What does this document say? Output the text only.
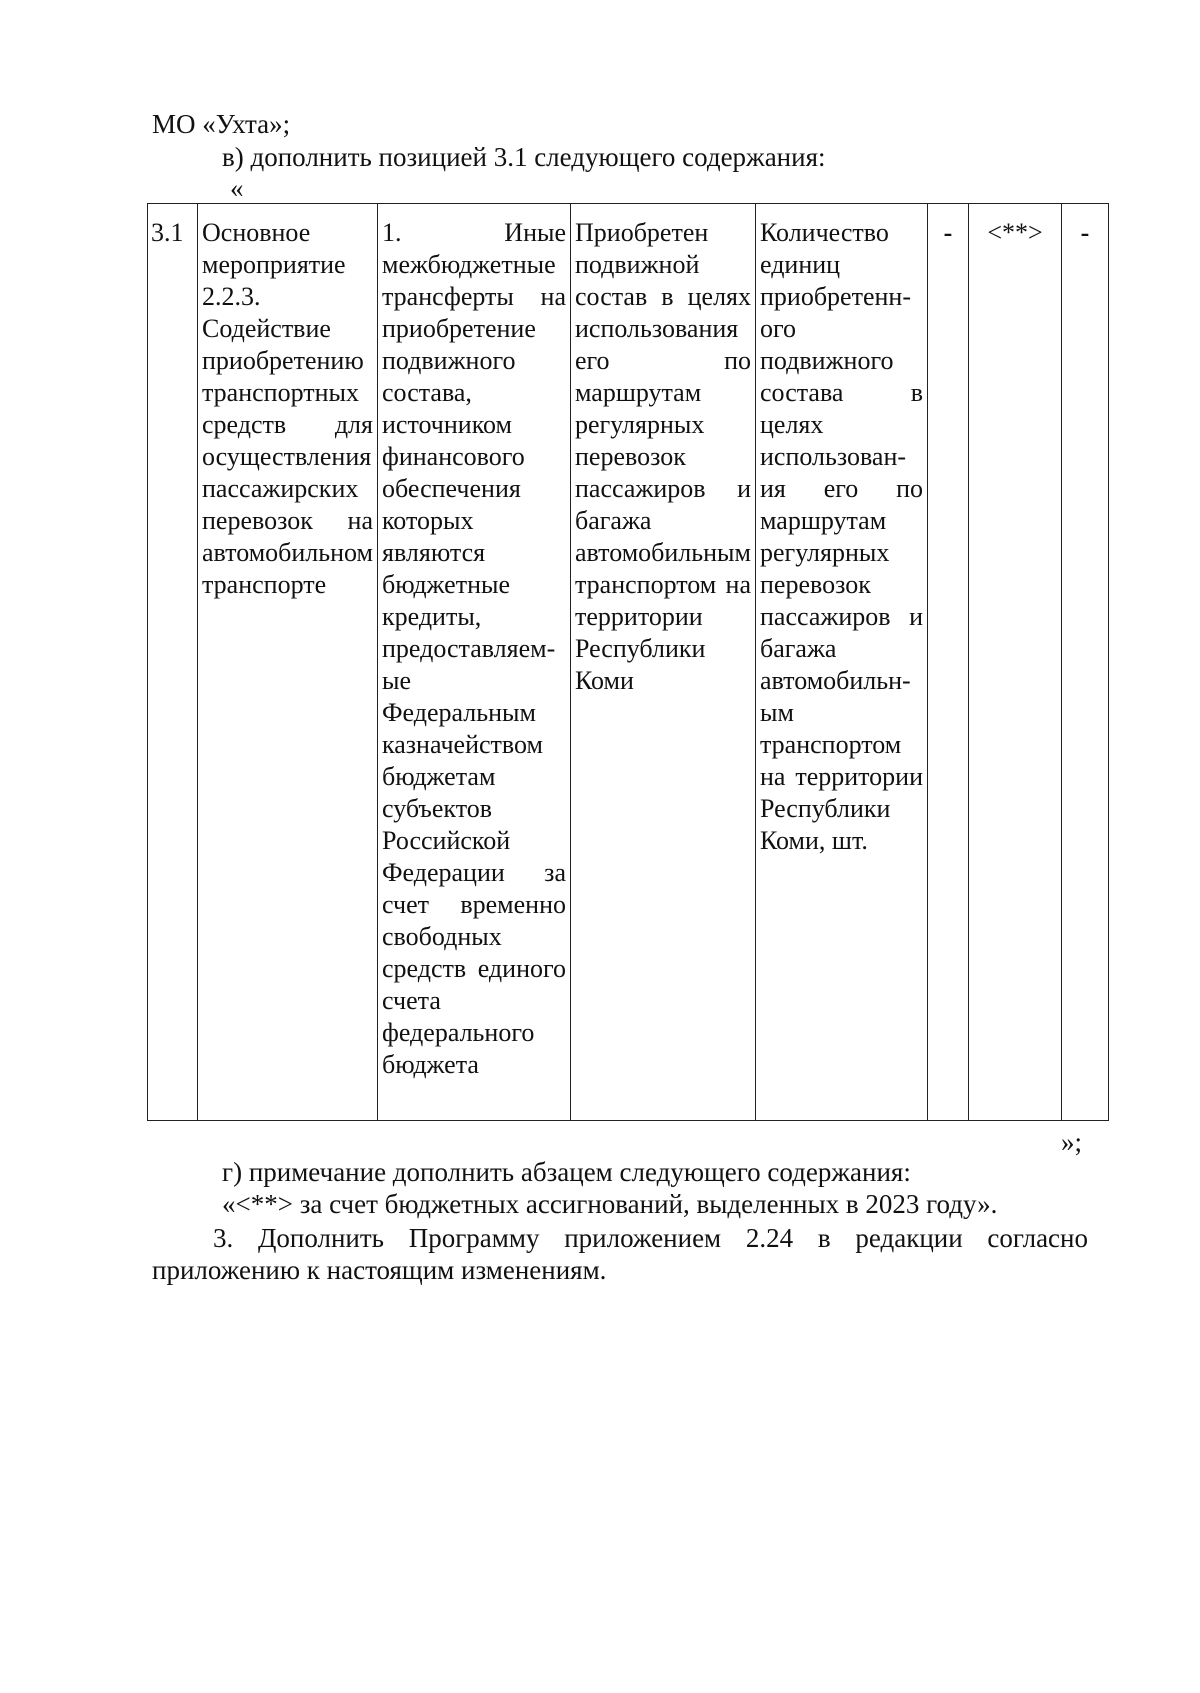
МО «Ухта»;
в) дополнить позицией 3.1 следующего содержания:
«
3.1	Основное мероприятие 2.2.3. Содействие приобретению транспортных средств для осуществления пассажирских перевозок на автомобильном транспорте	1. Иные межбюджетные трансферты на приобретение подвижного состава, источником финансового обеспечения которых являются бюджетные кредиты, предоставляемые Федеральным казначейством бюджетам субъектов Российской Федерации за счет временно свободных средств единого счета федерального бюджета	Приобретен подвижной состав в целях использования его по маршрутам регулярных перевозок пассажиров и багажа автомобильным транспортом на территории Республики Коми	Количество единиц приобретенного подвижного состава в целях использования его по маршрутам регулярных перевозок пассажиров и багажа автомобильным транспортом на территории Республики Коми, шт.	-	<**>	-
»;
г) примечание дополнить абзацем следующего содержания:
«<**> за счет бюджетных ассигнований, выделенных в 2023 году».
3. Дополнить Программу приложением 2.24 в редакции согласно
приложению к настоящим изменениям.
